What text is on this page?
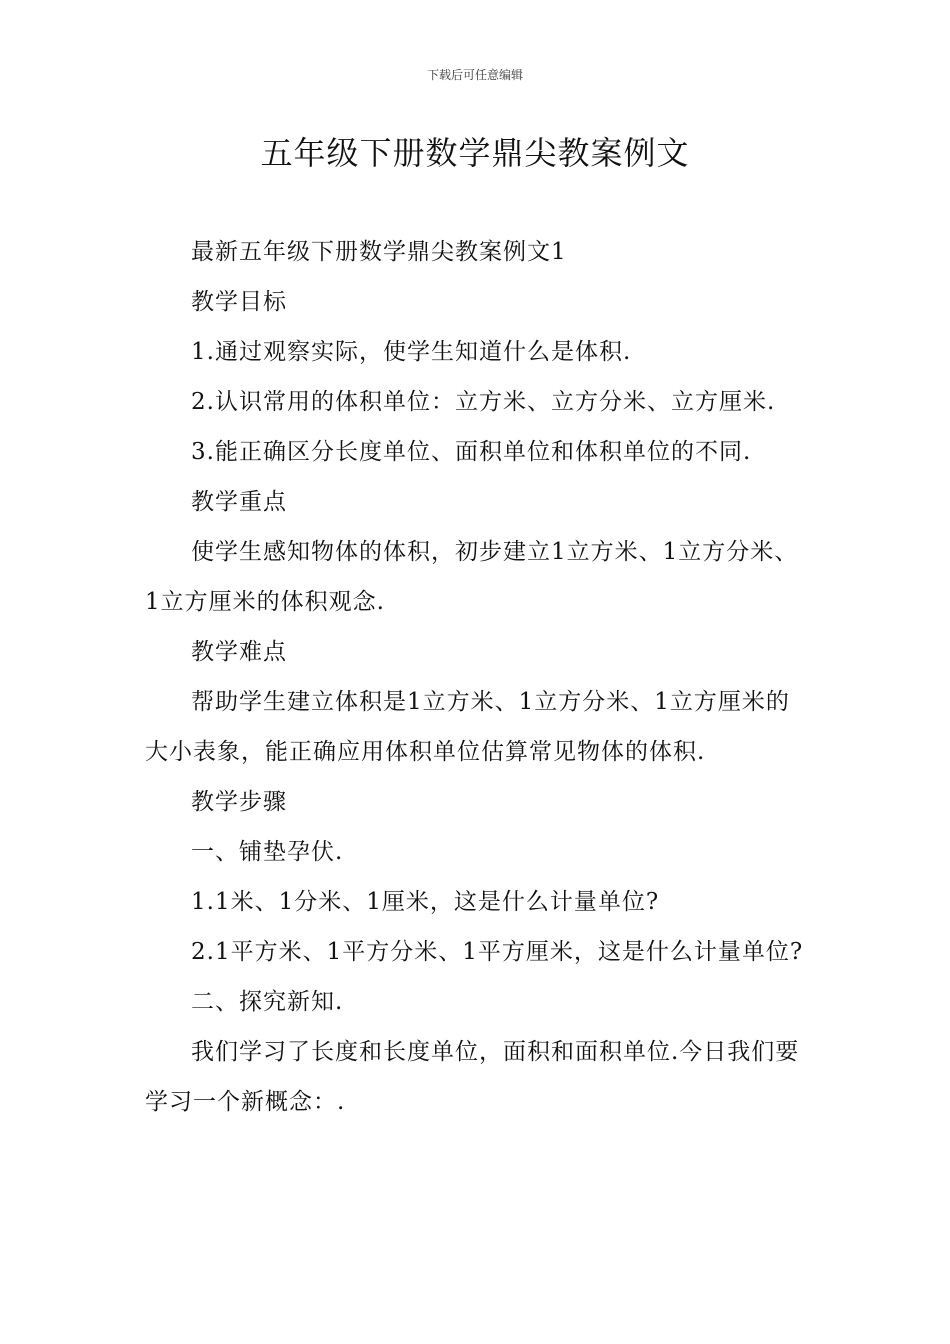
下载后可任意编辑
五年级下册数学鼎尖教案例文

最新五年级下册数学鼎尖教案例文1

教学目标

1.通过观察实际，使学生知道什么是体积.

2.认识常用的体积单位：立方米、立方分米、立方厘米.

3.能正确区分长度单位、面积单位和体积单位的不同.

教学重点

使学生感知物体的体积，初步建立1立方米、1立方分米、1立方厘米的体积观念.

教学难点

帮助学生建立体积是1立方米、1立方分米、1立方厘米的大小表象，能正确应用体积单位估算常见物体的体积.

教学步骤

一、铺垫孕伏.

1.1米、1分米、1厘米，这是什么计量单位?

2.1平方米、1平方分米、1平方厘米，这是什么计量单位?

二、探究新知.

我们学习了长度和长度单位，面积和面积单位.今日我们要学习一个新概念：.
